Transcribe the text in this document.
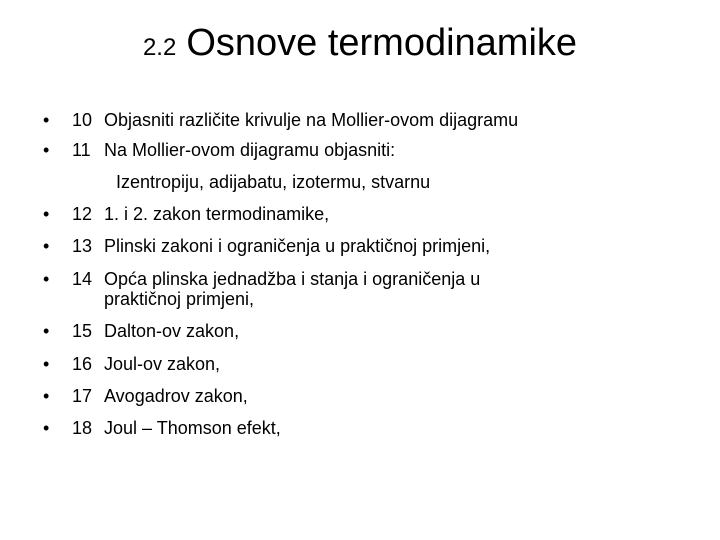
2.2 Osnove termodinamike
• 10 Objasniti različite krivulje na Mollier-ovom dijagramu
• 11 Na Mollier-ovom dijagramu objasniti:
Izentropiju, adijabatu, izotermu, stvarnu
• 12 1. i 2. zakon termodinamike,
• 13 Plinski zakoni i ograničenja u praktičnoj primjeni,
• 14 Opća plinska jednadžba i stanja i ograničenja u praktičnoj primjeni,
• 15 Dalton-ov zakon,
• 16 Joul-ov zakon,
• 17 Avogadrov zakon,
• 18 Joul – Thomson efekt,
